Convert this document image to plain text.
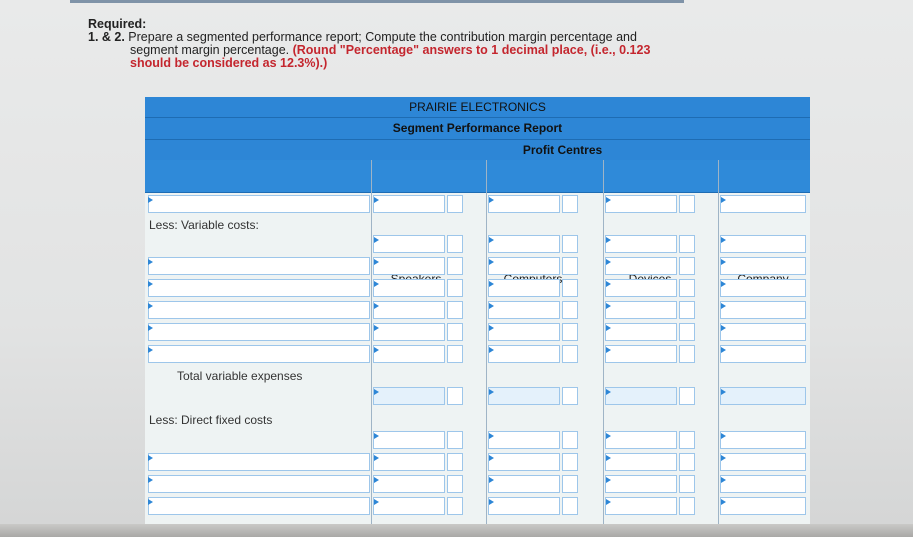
Required:
1. & 2. Prepare a segmented performance report; Compute the contribution margin percentage and
segment margin percentage. (Round "Percentage" answers to 1 decimal place, (i.e., 0.123
should be considered as 12.3%).)
PRAIRIE ELECTRONICS
Segment Performance Report
Profit Centres
Less: Variable costs:
Total variable expenses
Less: Direct fixed costs
